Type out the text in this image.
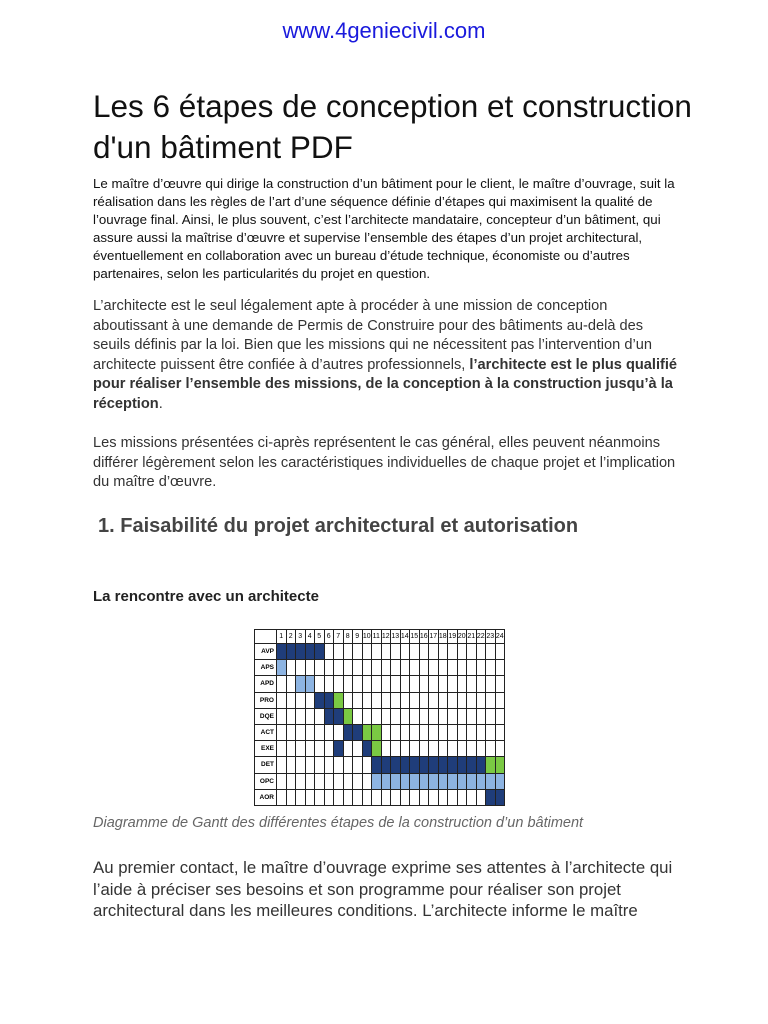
www.4geniecivil.com
Les 6 étapes de conception et construction d'un bâtiment PDF

Le maître d’œuvre qui dirige la construction d’un bâtiment pour le client, le maître d’ouvrage, suit la réalisation dans les règles de l’art d’une séquence définie d’étapes qui maximisent la qualité de l’ouvrage final. Ainsi, le plus souvent, c’est l’architecte mandataire, concepteur d’un bâtiment, qui assure aussi la maîtrise d’œuvre et supervise l’ensemble des étapes d’un projet architectural, éventuellement en collaboration avec un bureau d’étude technique, économiste ou d’autres partenaires, selon les particularités du projet en question.

L’architecte est le seul légalement apte à procéder à une mission de conception aboutissant à une demande de Permis de Construire pour des bâtiments au-delà des seuils définis par la loi. Bien que les missions qui ne nécessitent pas l’intervention d’un architecte puissent être confiée à d’autres professionnels, l’architecte est le plus qualifié pour réaliser l’ensemble des missions, de la conception à la construction jusqu’à la réception.

Les missions présentées ci-après représentent le cas général, elles peuvent néanmoins différer légèrement selon les caractéristiques individuelles de chaque projet et l’implication du maître d’œuvre.

1. Faisabilité du projet architectural et autorisation
La rencontre avec un architecte
1 2 3 4 5 6 7 8 9 10 11 12 13 14 15 16 17 18 19 20 21 22 23 24
AVP
APS
APD
PRO
DQE
ACT
EXE
DET
OPC
AOR

Diagramme de Gantt des différentes étapes de la construction d’un bâtiment

Au premier contact, le maître d’ouvrage exprime ses attentes à l’architecte qui l’aide à préciser ses besoins et son programme pour réaliser son projet architectural dans les meilleures conditions. L’architecte informe le maître
